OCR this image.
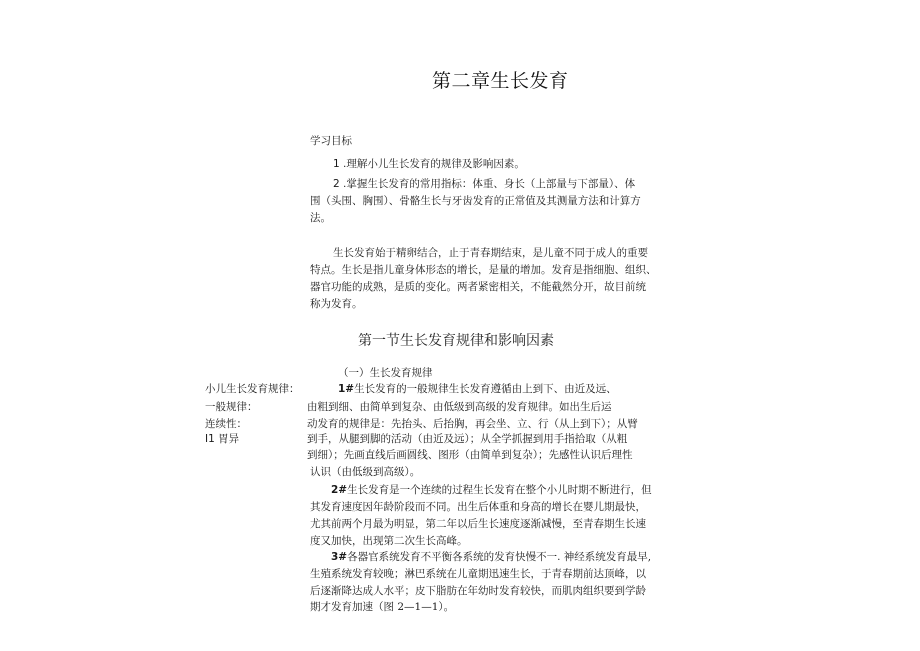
第二章生长发育
学习目标
1 .理解小儿生长发育的规律及影响因素。
2 .掌握生长发育的常用指标：体重、身长（上部量与下部量）、体
围（头围、胸围）、骨骼生长与牙齿发育的正常值及其测量方法和计算方
法。
生长发育始于精卵结合，止于青春期结束，是儿童不同于成人的重要
特点。生长是指儿童身体形态的增长，是量的增加。发育是指细胞、组织、
器官功能的成熟，是质的变化。两者紧密相关，不能截然分开，故目前统
称为发育。
第一节生长发育规律和影响因素
（一）生长发育规律
小儿生长发育规律：
一般规律：
连续性：
I1 胃异
1#生长发育的一般规律生长发育遵循由上到下、由近及远、
由粗到细、由简单到复杂、由低级到高级的发育规律。如出生后运
动发育的规律是：先抬头、后抬胸，再会坐、立、行（从上到下）；从臂
到手，从腿到脚的活动（由近及远）；从全学抓握到用手指拾取（从粗
到细）；先画直线后画圆线、图形（由简单到复杂）；先感性认识后理性
认识（由低级到高级）。
2#生长发育是一个连续的过程生长发育在整个小儿时期不断进行，但
其发育速度因年龄阶段而不同。出生后体重和身高的增长在婴儿期最快，
尤其前两个月最为明显，第二年以后生长速度逐渐减慢，至青春期生长速
度又加快，出现第二次生长高峰。
3#各器官系统发育不平衡各系统的发育快慢不一. 神经系统发育最早,
生殖系统发育较晚；淋巴系统在儿童期迅速生长，于青春期前达顶峰，以
后逐渐降达成人水平；皮下脂肪在年幼时发育较快，而肌肉组织要到学龄
期才发育加速（图 2—1—1）。
